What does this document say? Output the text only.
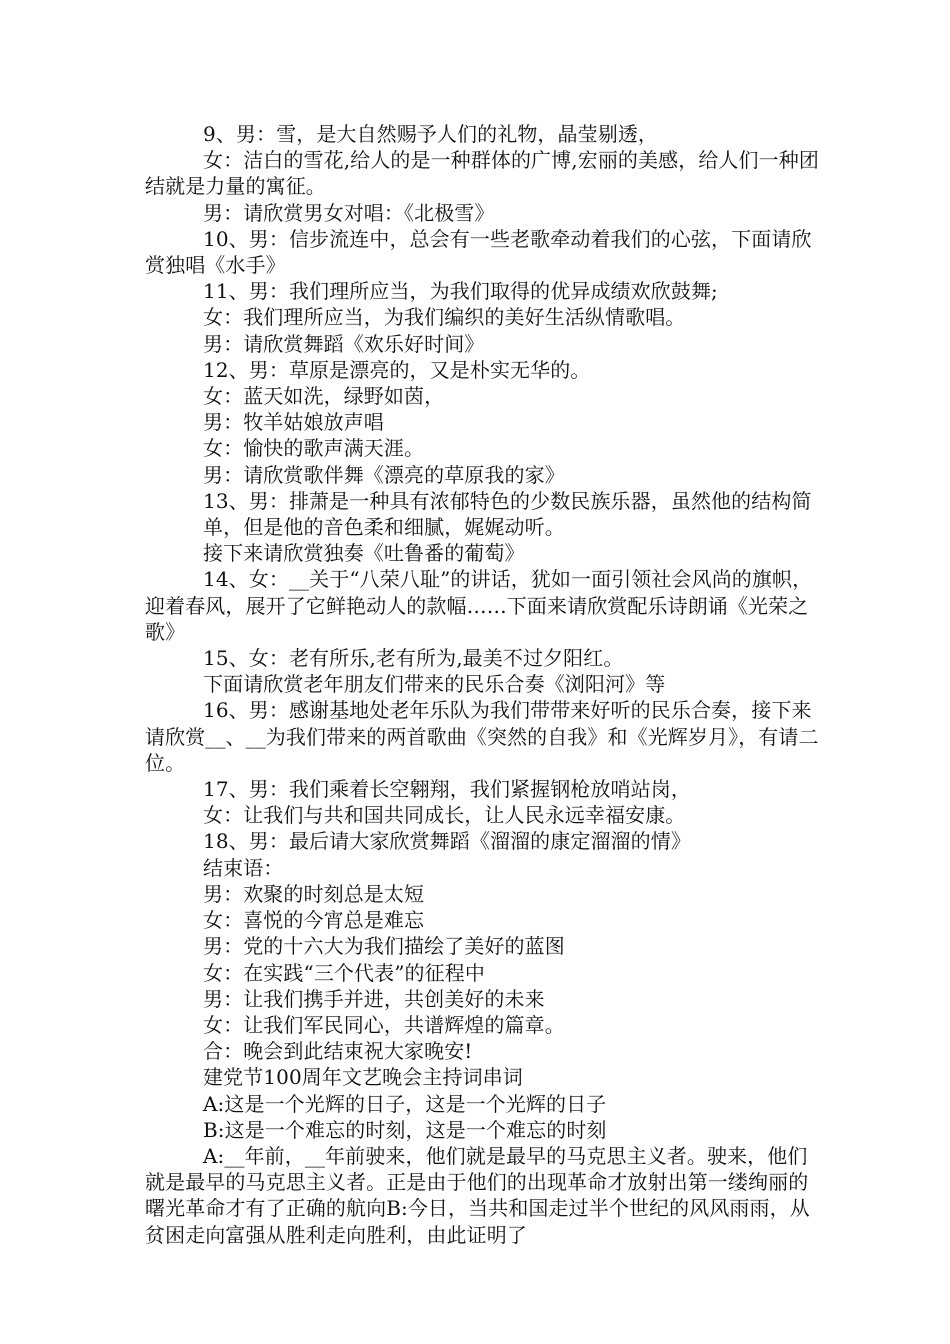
9、男：雪，是大自然赐予人们的礼物，晶莹剔透，

女：洁白的雪花,给人的是一种群体的广博,宏丽的美感，给人们一种团结就是力量的寓征。

男：请欣赏男女对唱：《北极雪》

10、男：信步流连中，总会有一些老歌牵动着我们的心弦，下面请欣赏独唱《水手》

11、男：我们理所应当，为我们取得的优异成绩欢欣鼓舞;

女：我们理所应当，为我们编织的美好生活纵情歌唱。

男：请欣赏舞蹈《欢乐好时间》

12、男：草原是漂亮的，又是朴实无华的。

女：蓝天如洗，绿野如茵，

男：牧羊姑娘放声唱

女：愉快的歌声满天涯。

男：请欣赏歌伴舞《漂亮的草原我的家》

13、男：排萧是一种具有浓郁特色的少数民族乐器，虽然他的结构简

单，但是他的音色柔和细腻，娓娓动听。

接下来请欣赏独奏《吐鲁番的葡萄》

14、女：__关于“八荣八耻”的讲话，犹如一面引领社会风尚的旗帜，迎着春风，展开了它鲜艳动人的款幅……下面来请欣赏配乐诗朗诵《光荣之歌》

15、女：老有所乐,老有所为,最美不过夕阳红。

下面请欣赏老年朋友们带来的民乐合奏《浏阳河》等

16、男：感谢基地处老年乐队为我们带带来好听的民乐合奏，接下来请欣赏__、__为我们带来的两首歌曲《突然的自我》和《光辉岁月》，有请二位。

17、男：我们乘着长空翱翔，我们紧握钢枪放哨站岗，

女：让我们与共和国共同成长，让人民永远幸福安康。

18、男：最后请大家欣赏舞蹈《溜溜的康定溜溜的情》

结束语：

男：欢聚的时刻总是太短

女：喜悦的今宵总是难忘

男：党的十六大为我们描绘了美好的蓝图

女：在实践“三个代表”的征程中

男：让我们携手并进，共创美好的未来

女：让我们军民同心，共谱辉煌的篇章。

合：晚会到此结束祝大家晚安!

建党节100周年文艺晚会主持词串词

A:这是一个光辉的日子，这是一个光辉的日子

B:这是一个难忘的时刻，这是一个难忘的时刻

A:__年前，__年前驶来，他们就是最早的马克思主义者。驶来，他们就是最早的马克思主义者。正是由于他们的出现革命才放射出第一缕绚丽的曙光革命才有了正确的航向B:今日，当共和国走过半个世纪的风风雨雨，从贫困走向富强从胜利走向胜利，由此证明了
